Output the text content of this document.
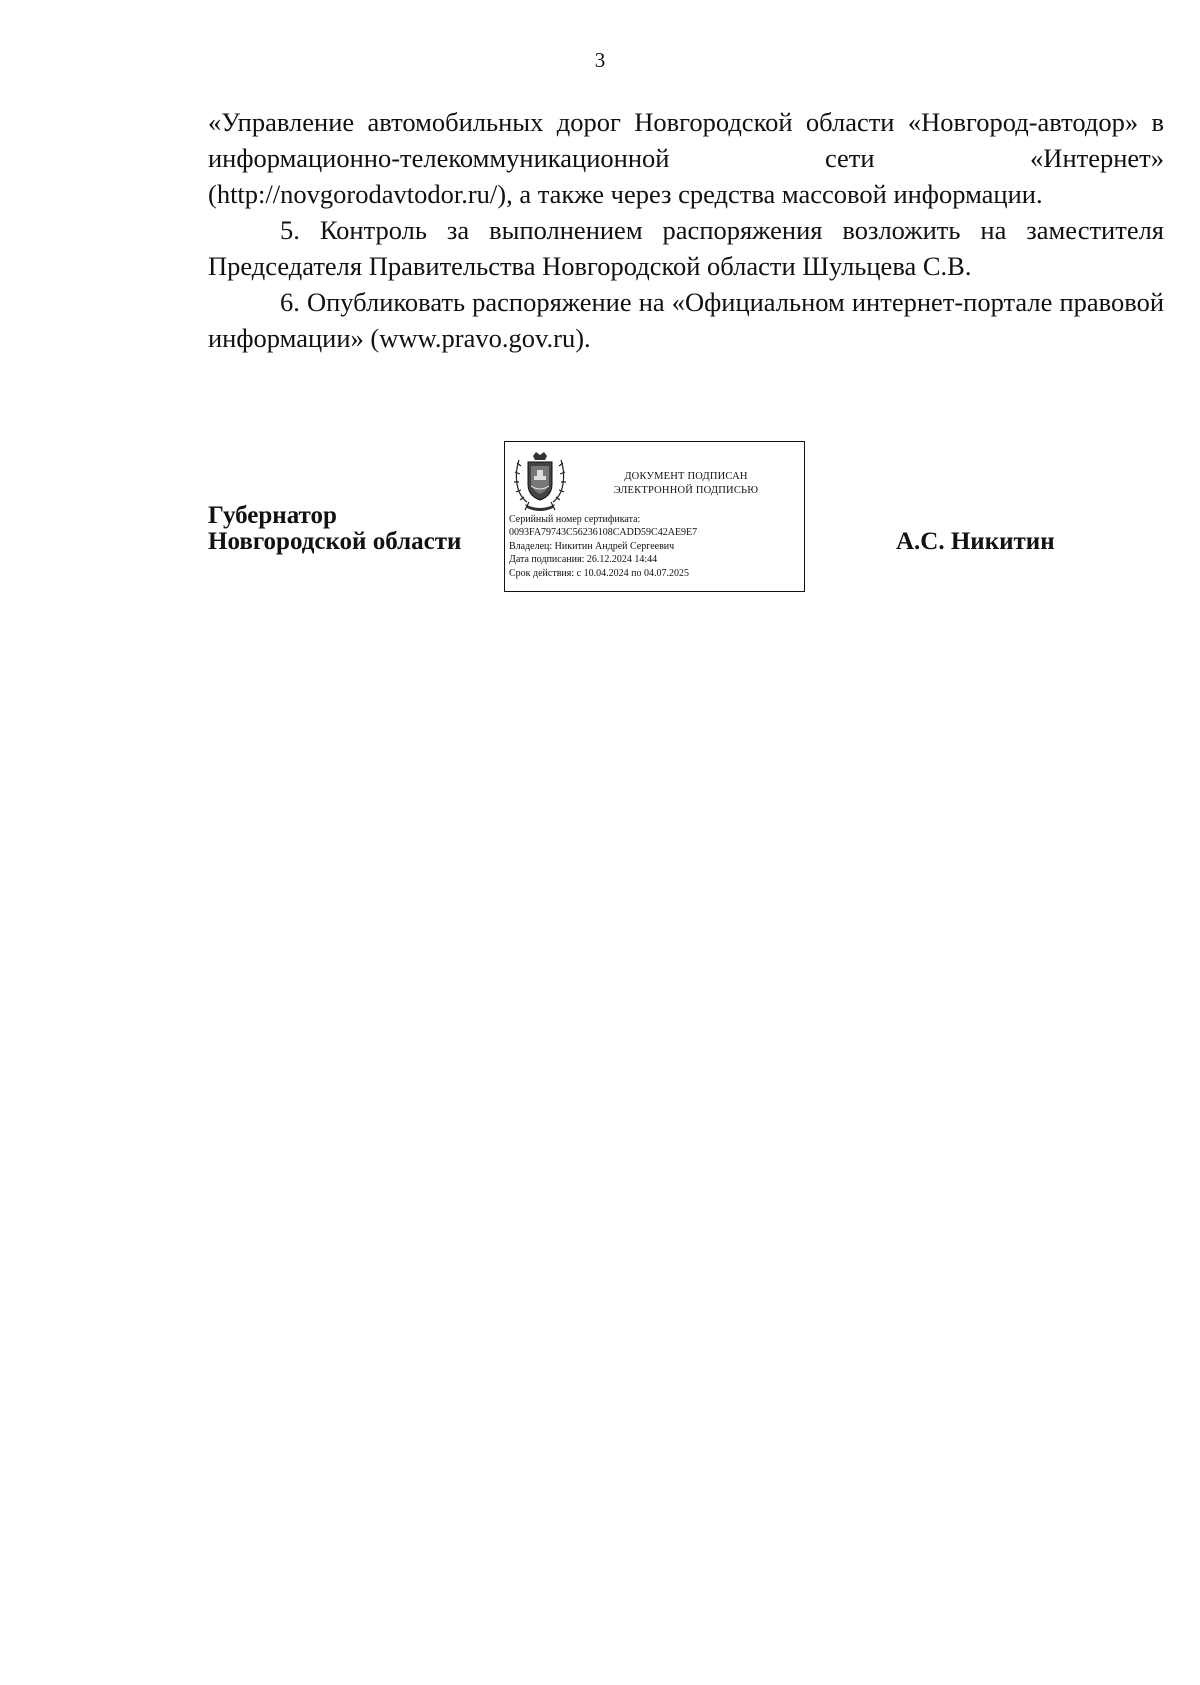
3

«Управление автомобильных дорог Новгородской области «Новгород-автодор» в информационно-телекоммуникационной сети «Интернет» (http://novgorodavtodor.ru/), а также через средства массовой информации.

5. Контроль за выполнением распоряжения возложить на заместителя Председателя Правительства Новгородской области Шульцева С.В.

6. Опубликовать распоряжение на «Официальном интернет-портале правовой информации» (www.pravo.gov.ru).

Губернатор
Новгородской области
ДОКУМЕНТ ПОДПИСАН
ЭЛЕКТРОННОЙ ПОДПИСЬЮ
Серийный номер сертификата:
0093FA79743C56236108CADD59C42AE9E7
Владелец: Никитин Андрей Сергеевич
Дата подписания: 26.12.2024 14:44
Срок действия: с 10.04.2024 по 04.07.2025
А.С. Никитин
